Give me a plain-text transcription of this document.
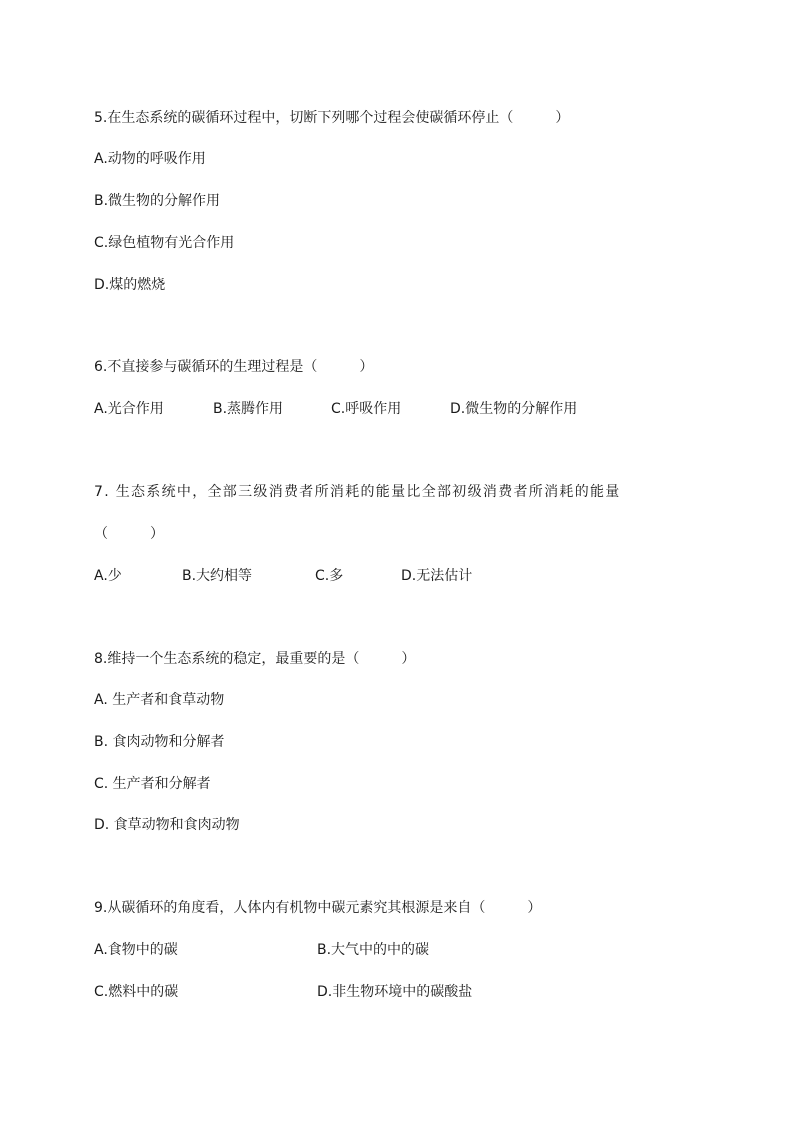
5.在生态系统的碳循环过程中，切断下列哪个过程会使碳循环停止（　　　）
A.动物的呼吸作用
B.微生物的分解作用
C.绿色植物有光合作用
D.煤的燃烧
6.不直接参与碳循环的生理过程是（　　　）
A.光合作用	B.蒸腾作用	C.呼吸作用	D.微生物的分解作用
7. 生态系统中，全部三级消费者所消耗的能量比全部初级消费者所消耗的能量
（　　　）
A.少	B.大约相等	C.多	D.无法估计
8.维持一个生态系统的稳定，最重要的是（　　　）
A. 生产者和食草动物
B. 食肉动物和分解者
C. 生产者和分解者
D. 食草动物和食肉动物
9.从碳循环的角度看，人体内有机物中碳元素究其根源是来自（　　　）
A.食物中的碳	B.大气中的中的碳
C.燃料中的碳	D.非生物环境中的碳酸盐
